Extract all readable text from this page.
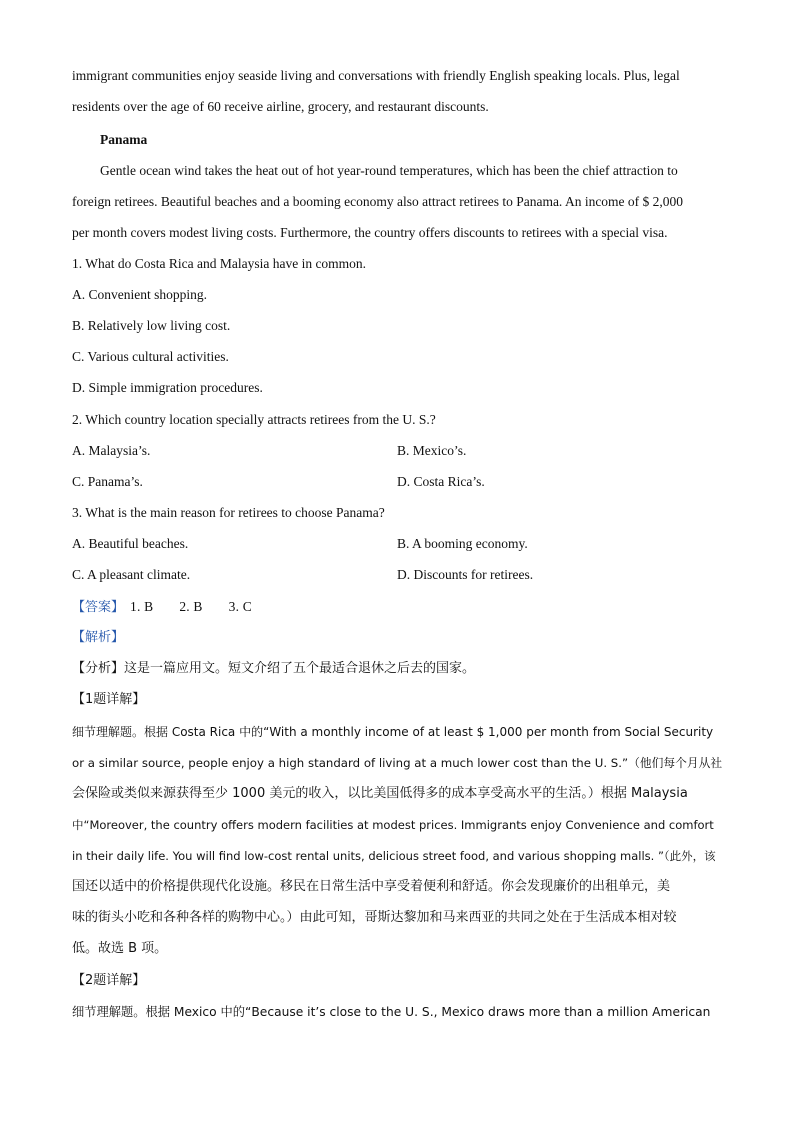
immigrant communities enjoy seaside living and conversations with friendly English speaking locals. Plus, legal
residents over the age of 60 receive airline, grocery, and restaurant discounts.
Panama
Gentle ocean wind takes the heat out of hot year-round temperatures, which has been the chief attraction to
foreign retirees. Beautiful beaches and a booming economy also attract retirees to Panama. An income of $ 2,000
per month covers modest living costs. Furthermore, the country offers discounts to retirees with a special visa.
1. What do Costa Rica and Malaysia have in common.
A. Convenient shopping.
B. Relatively low living cost.
C. Various cultural activities.
D. Simple immigration procedures.
2. Which country location specially attracts retirees from the U. S.?
A. Malaysia’s.	B. Mexico’s.
C. Panama’s.	D. Costa Rica’s.
3. What is the main reason for retirees to choose Panama?
A. Beautiful beaches.	B. A booming economy.
C. A pleasant climate.	D. Discounts for retirees.
【答案】 1. B 2. B 3. C
【解析】
【分析】这是一篇应用文。短文介绍了五个最适合退休之后去的国家。
【1题详解】
细节理解题。根据 Costa Rica 中的“With a monthly income of at least $ 1,000 per month from Social Security
or a similar source, people enjoy a high standard of living at a much lower cost than the U. S.”（他们每个月从社
会保险或类似来源获得至少 1000 美元的收入，以比美国低得多的成本享受高水平的生活。）根据 Malaysia
中“Moreover, the country offers modern facilities at modest prices. Immigrants enjoy Convenience and comfort
in their daily life. You will find low-cost rental units, delicious street food, and various shopping malls. ”（此外，该
国还以适中的价格提供现代化设施。移民在日常生活中享受着便利和舒适。你会发现廉价的出租单元，美
味的街头小吃和各种各样的购物中心。）由此可知，哥斯达黎加和马来西亚的共同之处在于生活成本相对较
低。故选 B 项。
【2题详解】
细节理解题。根据 Mexico 中的“Because it’s close to the U. S., Mexico draws more than a million American
